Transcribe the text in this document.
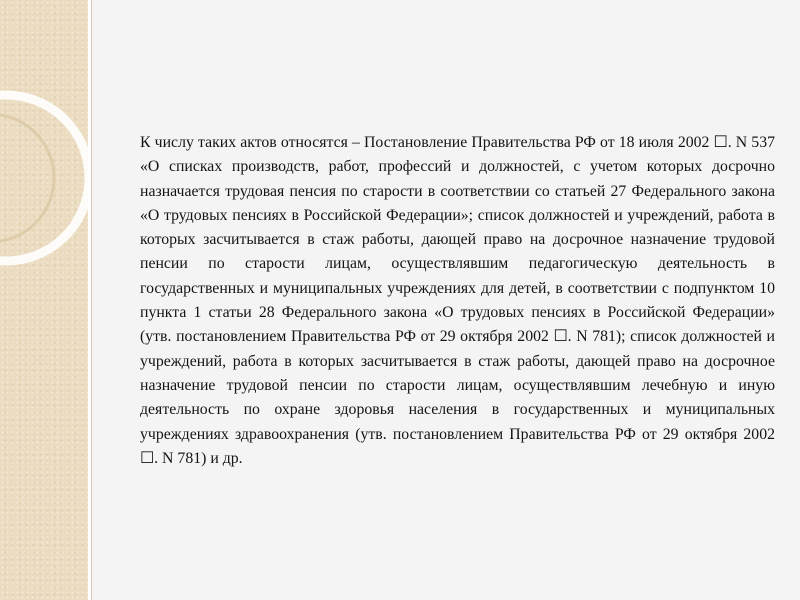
К числу таких актов относятся – Постановление Правительства РФ от 18 июля 2002 ☐. N 537 «О списках производств, работ, профессий и должностей, с учетом которых досрочно назначается трудовая пенсия по старости в соответствии со статьей 27 Федерального закона «О трудовых пенсиях в Российской Федерации»; список должностей и учреждений, работа в которых засчитывается в стаж работы, дающей право на досрочное назначение трудовой пенсии по старости лицам, осуществлявшим педагогическую деятельность в государственных и муниципальных учреждениях для детей, в соответствии с подпунктом 10 пункта 1 статьи 28 Федерального закона «О трудовых пенсиях в Российской Федерации» (утв. постановлением Правительства РФ от 29 октября 2002 ☐. N 781); список должностей и учреждений, работа в которых засчитывается в стаж работы, дающей право на досрочное назначение трудовой пенсии по старости лицам, осуществлявшим лечебную и иную деятельность по охране здоровья населения в государственных и муниципальных учреждениях здравоохранения (утв. постановлением Правительства РФ от 29 октября 2002 ☐. N 781) и др.
